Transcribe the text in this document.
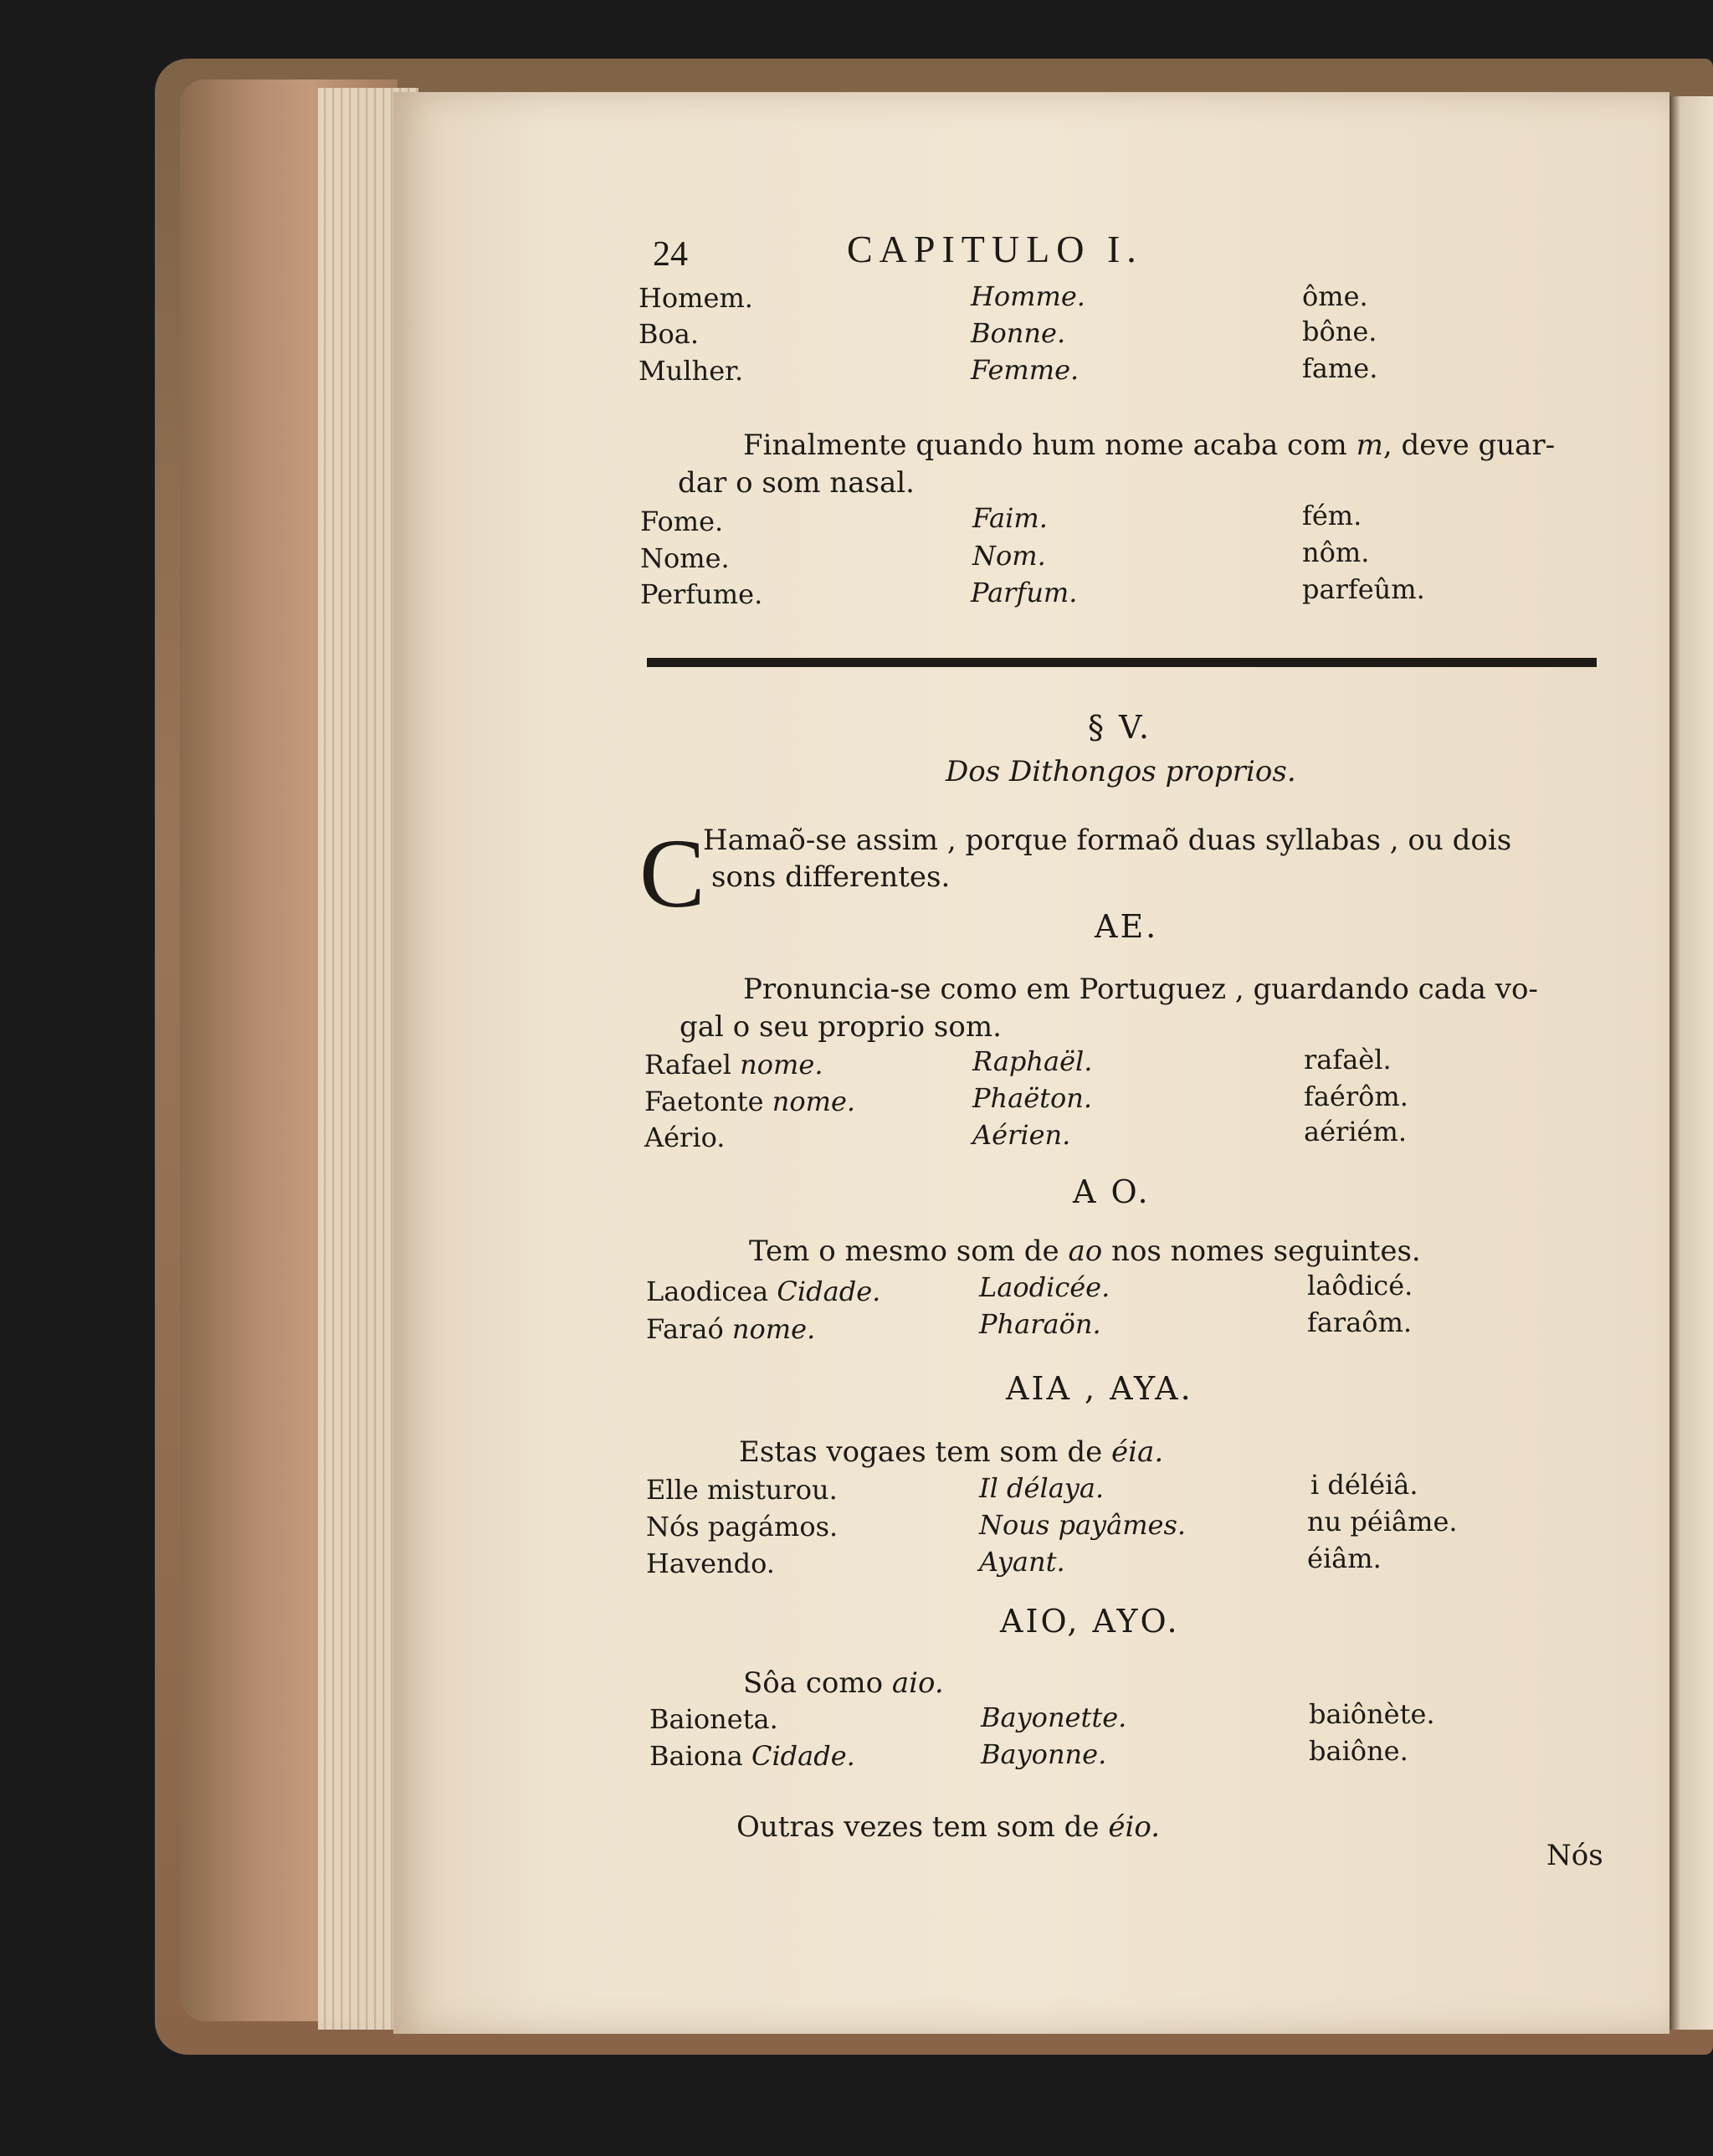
24	CAPITULO I.
Homem.	Homme.	ôme.
Boa.	Bonne.	bône.
Mulher.	Femme.	fame.
Finalmente quando hum nome acaba com m, deve guar-
dar o som nasal.
Fome.	Faim.	fém.
Nome.	Nom.	nôm.
Perfume.	Parfum.	parfeûm.
§ V.
Dos Dithongos proprios.
C
Hamaõ-se assim , porque formaõ duas syllabas , ou dois
sons differentes.
AE.
Pronuncia-se como em Portuguez , guardando cada vo-
gal o seu proprio som.
Rafael nome.	Raphaël.	rafaèl.
Faetonte nome.	Phaëton.	faérôm.
Aério.	Aérien.	aériém.
A O.
Tem o mesmo som de ao nos nomes seguintes.
Laodicea Cidade.	Laodicée.	laôdicé.
Faraó nome.	Pharaön.	faraôm.
AIA , AYA.
Estas vogaes tem som de éia.
Elle misturou.	Il délaya.	i déléiâ.
Nós pagámos.	Nous payâmes.	nu péiâme.
Havendo.	Ayant.	éiâm.
AIO, AYO.
Sôa como aio.
Baioneta.	Bayonette.	baiônète.
Baiona Cidade.	Bayonne.	baiône.
Outras vezes tem som de éio.
Nós
